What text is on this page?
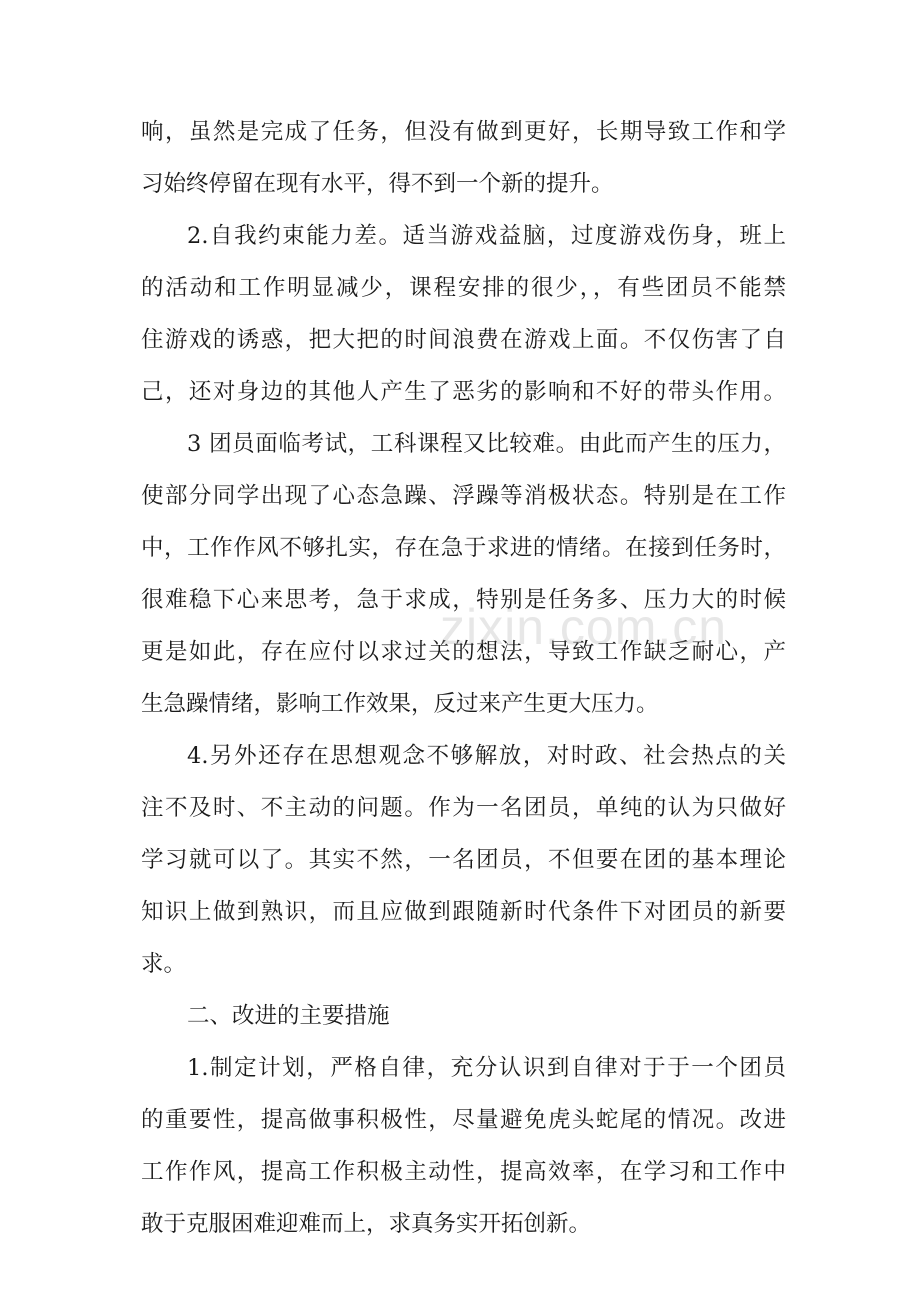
响，虽然是完成了任务，但没有做到更好，长期导致工作和学
习始终停留在现有水平，得不到一个新的提升。
2.自我约束能力差。适当游戏益脑，过度游戏伤身，班上
的活动和工作明显减少，课程安排的很少，，有些团员不能禁
住游戏的诱惑，把大把的时间浪费在游戏上面。不仅伤害了自
己，还对身边的其他人产生了恶劣的影响和不好的带头作用。
3 团员面临考试，工科课程又比较难。由此而产生的压力，
使部分同学出现了心态急躁、浮躁等消极状态。特别是在工作
中，工作作风不够扎实，存在急于求进的情绪。在接到任务时，
很难稳下心来思考，急于求成，特别是任务多、压力大的时候
更是如此，存在应付以求过关的想法，导致工作缺乏耐心，产
生急躁情绪，影响工作效果，反过来产生更大压力。
4.另外还存在思想观念不够解放，对时政、社会热点的关
注不及时、不主动的问题。作为一名团员，单纯的认为只做好
学习就可以了。其实不然，一名团员，不但要在团的基本理论
知识上做到熟识，而且应做到跟随新时代条件下对团员的新要
求。
二、改进的主要措施
1.制定计划，严格自律，充分认识到自律对于于一个团员
的重要性，提高做事积极性，尽量避免虎头蛇尾的情况。改进
工作作风，提高工作积极主动性，提高效率，在学习和工作中
敢于克服困难迎难而上，求真务实开拓创新。
zixin.com.cn
